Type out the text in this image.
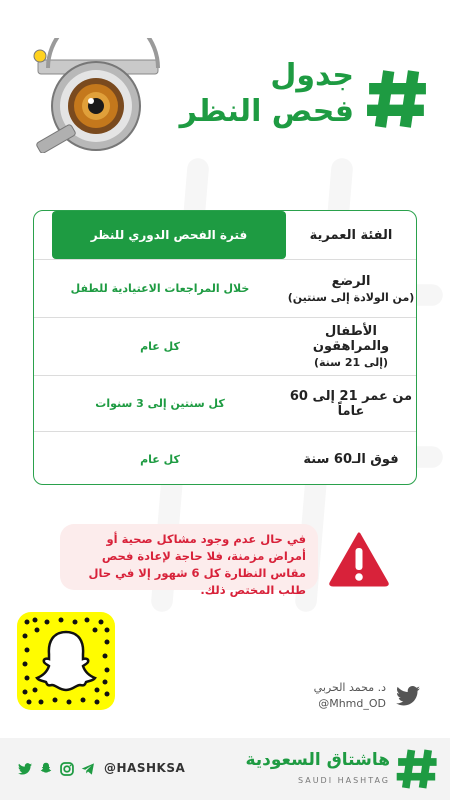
جدول
فحص النظر
الفئة العمرية
فترة الفحص الدوري للنظر
الرضع
(من الولادة إلى سنتين)
خلال المراجعات الاعتيادية للطفل
الأطفال والمراهقون
(إلى 21 سنة)
كل عام
من عمر 21 إلى 60 عاماً
كل سنتين إلى 3 سنوات
فوق الـ60 سنة
كل عام
في حال عدم وجود مشاكل صحية أو أمراض مزمنة، فلا حاجة لإعادة فحص مقاس النظارة كل 6 شهور إلا في حال طلب المختص ذلك.
د. محمد الحربي
@Mhmd_OD
@HASHKSA	هاشتاق السعودية
SAUDI HASHTAG
